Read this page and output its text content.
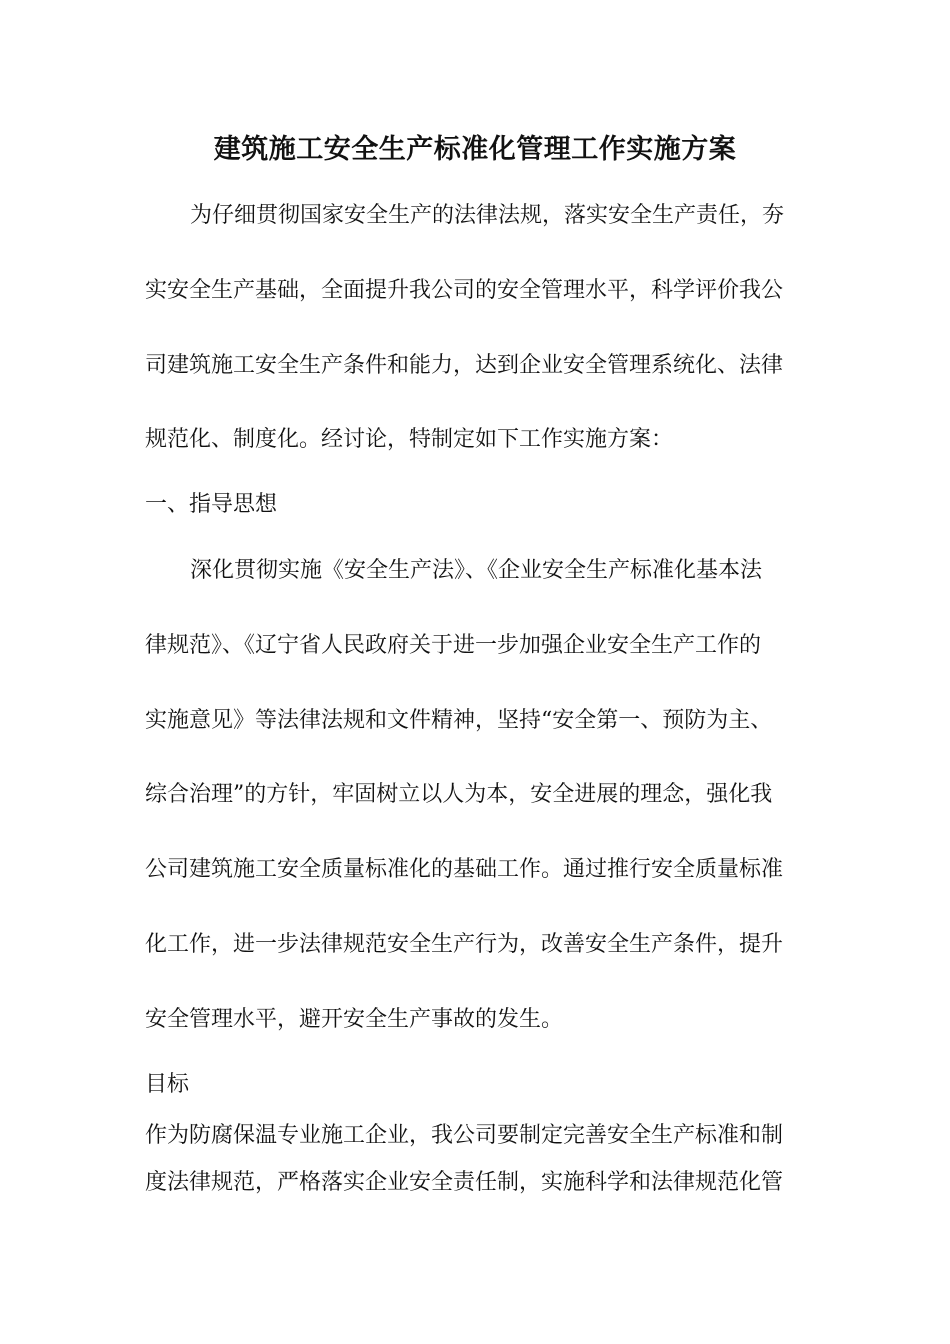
建筑施工安全生产标准化管理工作实施方案
为仔细贯彻国家安全生产的法律法规，落实安全生产责任，夯
实安全生产基础，全面提升我公司的安全管理水平，科学评价我公
司建筑施工安全生产条件和能力，达到企业安全管理系统化、法律
规范化、制度化。经讨论，特制定如下工作实施方案：
一、指导思想
深化贯彻实施《安全生产法》、《企业安全生产标准化基本法
律规范》、《辽宁省人民政府关于进一步加强企业安全生产工作的
实施意见》等法律法规和文件精神，坚持“安全第一、预防为主、
综合治理”的方针，牢固树立以人为本，安全进展的理念，强化我
公司建筑施工安全质量标准化的基础工作。通过推行安全质量标准
化工作，进一步法律规范安全生产行为，改善安全生产条件，提升
安全管理水平，避开安全生产事故的发生。
目标
作为防腐保温专业施工企业，我公司要制定完善安全生产标准和制
度法律规范，严格落实企业安全责任制，实施科学和法律规范化管
